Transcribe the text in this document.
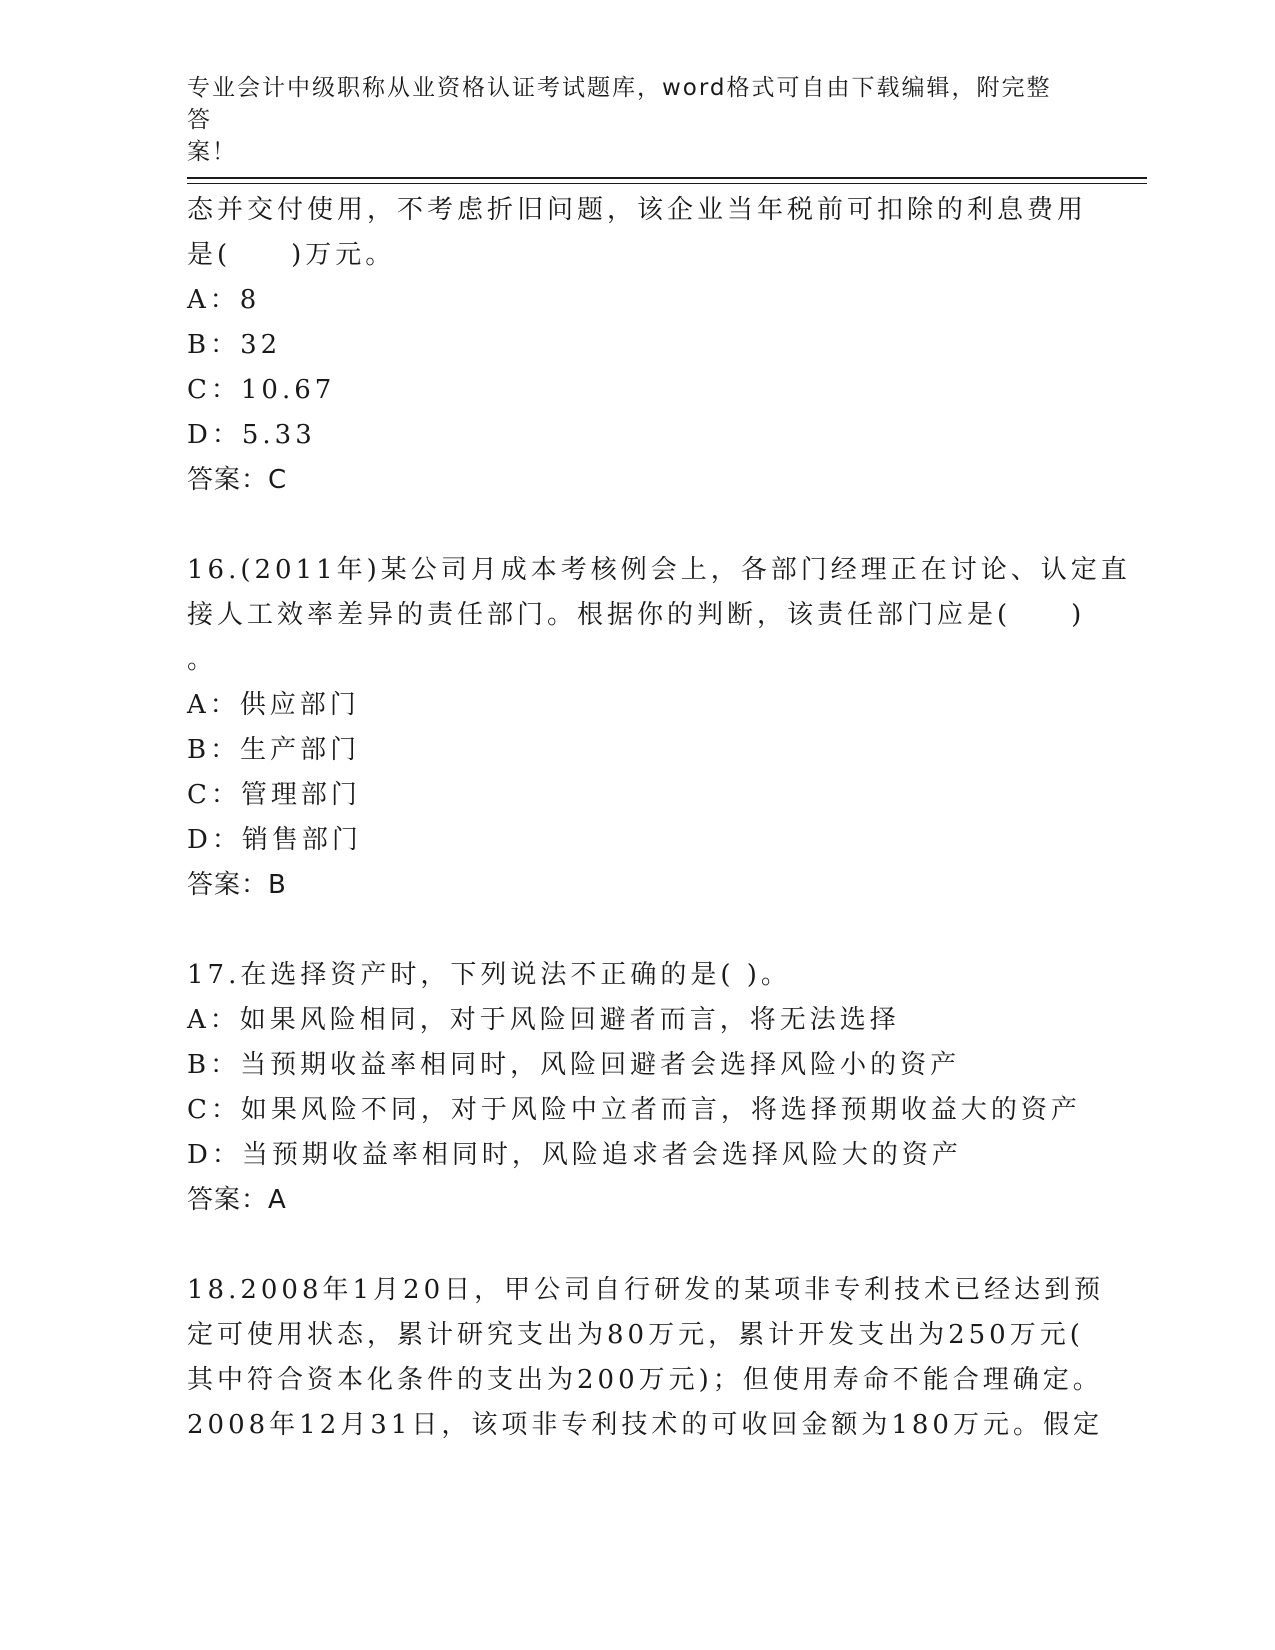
专业会计中级职称从业资格认证考试题库，word格式可自由下载编辑，附完整答
案！
态并交付使用，不考虑折旧问题，该企业当年税前可扣除的利息费用
是(　　)万元。
A：8
B：32
C：10.67
D：5.33
答案：C
16.(2011年)某公司月成本考核例会上，各部门经理正在讨论、认定直
接人工效率差异的责任部门。根据你的判断，该责任部门应是(　　)
。
A：供应部门
B：生产部门
C：管理部门
D：销售部门
答案：B
17.在选择资产时，下列说法不正确的是( )。
A：如果风险相同，对于风险回避者而言，将无法选择
B：当预期收益率相同时，风险回避者会选择风险小的资产
C：如果风险不同，对于风险中立者而言，将选择预期收益大的资产
D：当预期收益率相同时，风险追求者会选择风险大的资产
答案：A
18.2008年1月20日，甲公司自行研发的某项非专利技术已经达到预
定可使用状态，累计研究支出为80万元，累计开发支出为250万元(
其中符合资本化条件的支出为200万元)；但使用寿命不能合理确定。
2008年12月31日，该项非专利技术的可收回金额为180万元。假定
